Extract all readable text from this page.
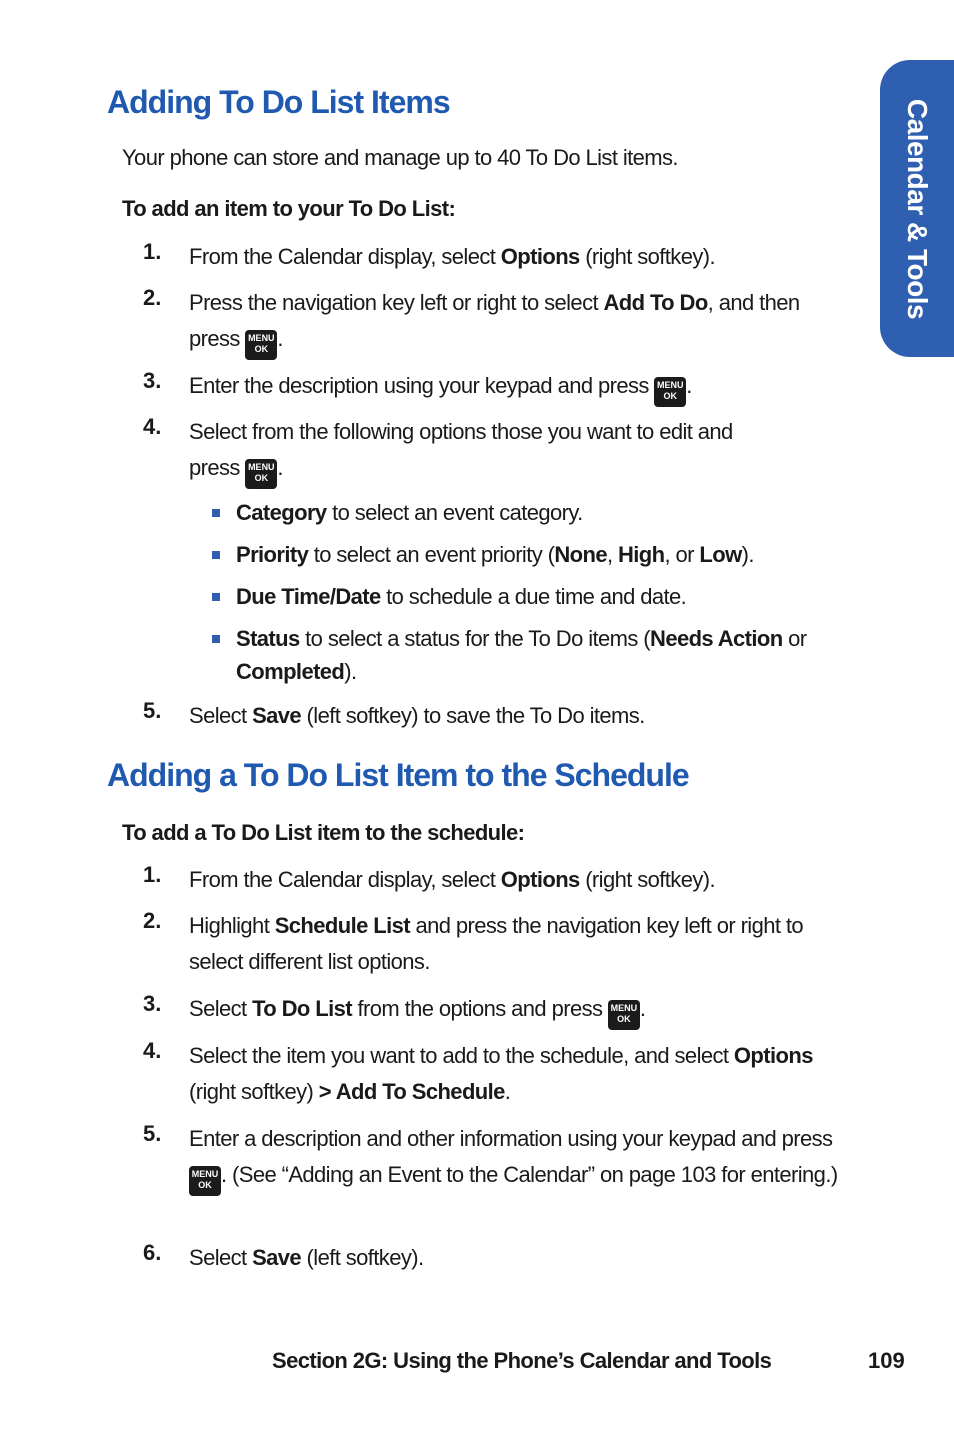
Calendar & Tools
Adding To Do List Items

Your phone can store and manage up to 40 To Do List items.

To add an item to your To Do List:

1. From the Calendar display, select Options (right softkey).
2. Press the navigation key left or right to select Add To Do, and then press MENU
OK .
3. Enter the description using your keypad and press MENU
OK .
4. Select from the following options those you want to edit and press MENU
OK .
Category to select an event category.
Priority to select an event priority (None, High, or Low).
Due Time/Date to schedule a due time and date.
Status to select a status for the To Do items (Needs Action or Completed).
5. Select Save (left softkey) to save the To Do items.
Adding a To Do List Item to the Schedule

To add a To Do List item to the schedule:

1. From the Calendar display, select Options (right softkey).
2. Highlight Schedule List and press the navigation key left or right to select different list options.
3. Select To Do List from the options and press MENU
OK .
4. Select the item you want to add to the schedule, and select Options (right softkey) > Add To Schedule.
5. Enter a description and other information using your keypad and press MENU
OK . (See “Adding an Event to the Calendar” on page 103 for entering.)
6. Select Save (left softkey).
Section 2G: Using the Phone’s Calendar and Tools	109
